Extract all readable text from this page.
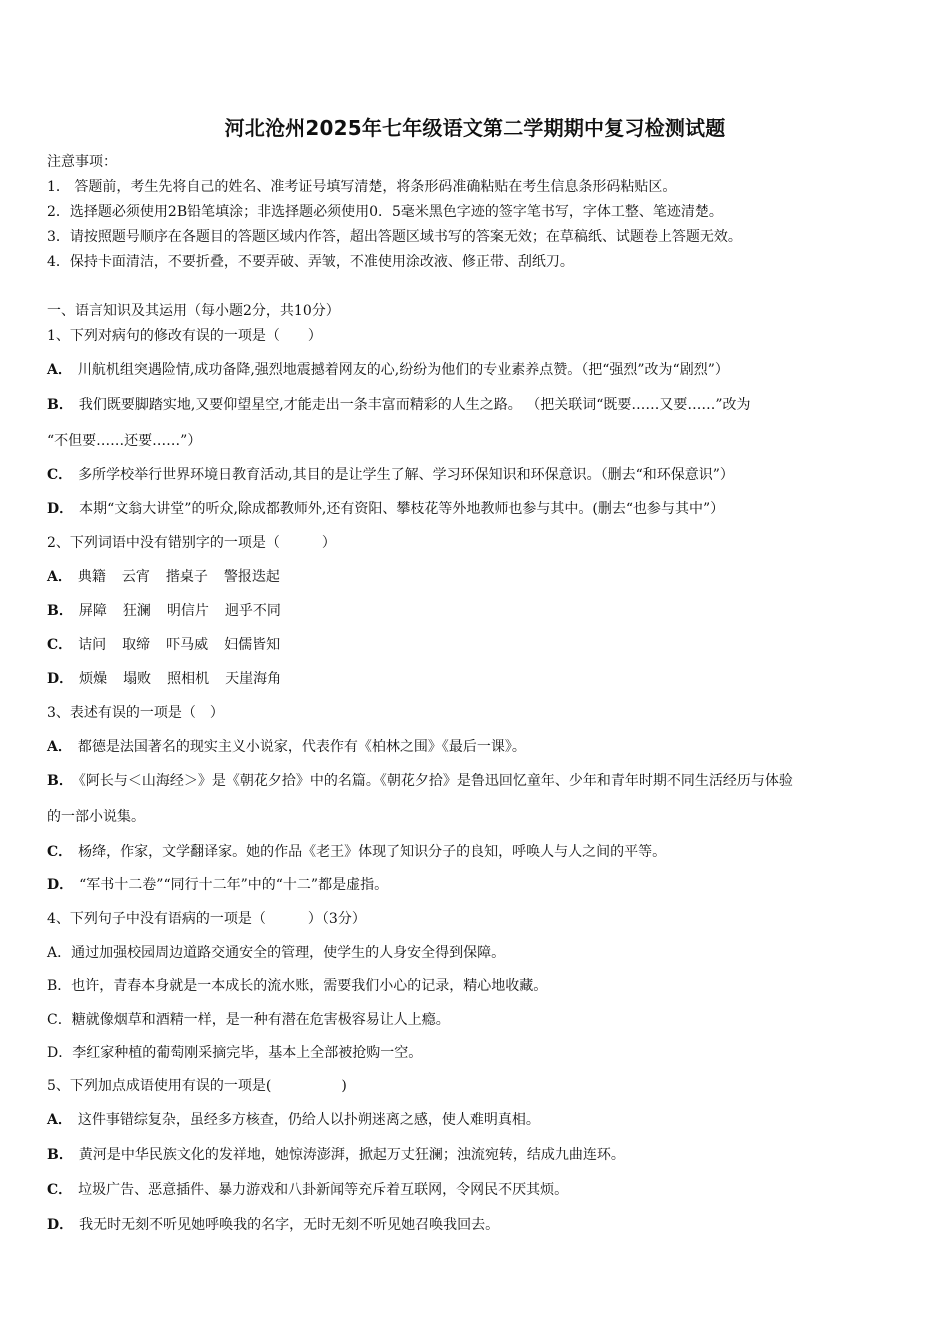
河北沧州2025年七年级语文第二学期期中复习检测试题
注意事项：
1． 答题前，考生先将自己的姓名、准考证号填写清楚，将条形码准确粘贴在考生信息条形码粘贴区。
2．选择题必须使用2B铅笔填涂；非选择题必须使用0．5毫米黑色字迹的签字笔书写，字体工整、笔迹清楚。
3．请按照题号顺序在各题目的答题区域内作答，超出答题区域书写的答案无效；在草稿纸、试题卷上答题无效。
4．保持卡面清洁，不要折叠，不要弄破、弄皱，不准使用涂改液、修正带、刮纸刀。
一、语言知识及其运用（每小题2分，共10分）
1、下列对病句的修改有误的一项是（　　）
A． 川航机组突遇险情,成功备降,强烈地震撼着网友的心,纷纷为他们的专业素养点赞。（把“强烈”改为“剧烈”）
B． 我们既要脚踏实地,又要仰望星空,才能走出一条丰富而精彩的人生之路。 （把关联词“既要……又要……”改为
“不但要……还要……”）
C． 多所学校举行世界环境日教育活动,其目的是让学生了解、学习环保知识和环保意识。（删去“和环保意识”）
D． 本期“文翁大讲堂”的听众,除成都教师外,还有资阳、攀枝花等外地教师也参与其中。(删去“也参与其中”）
2、下列词语中没有错别字的一项是（　　　）
A． 典籍 云宵 揩桌子 警报迭起
B． 屏障 狂澜 明信片 迥乎不同
C． 诘问 取缔 吓马威 妇儒皆知
D． 烦燥 塌败 照相机 天崖海角
3、表述有误的一项是（　）
A． 都德是法国著名的现实主义小说家，代表作有《柏林之围》《最后一课》。
B． 《阿长与＜山海经＞》是《朝花夕拾》中的名篇。《朝花夕拾》是鲁迅回忆童年、少年和青年时期不同生活经历与体验
的一部小说集。
C． 杨绛，作家，文学翻译家。她的作品《老王》体现了知识分子的良知，呼唤人与人之间的平等。
D． “军书十二卷”“同行十二年”中的“十二”都是虚指。
4、下列句子中没有语病的一项是（　　　）（3分）
A．通过加强校园周边道路交通安全的管理，使学生的人身安全得到保障。
B．也许，青春本身就是一本成长的流水账，需要我们小心的记录，精心地收藏。
C．糖就像烟草和酒精一样，是一种有潜在危害极容易让人上瘾。
D．李红家种植的葡萄刚采摘完毕，基本上全部被抢购一空。
5、下列加点成语使用有误的一项是(　　　　　)
A． 这件事错综复杂，虽经多方核查，仍给人以扑朔迷离之感，使人难明真相。
B． 黄河是中华民族文化的发祥地，她惊涛澎湃，掀起万丈狂澜；浊流宛转，结成九曲连环。
C． 垃圾广告、恶意插件、暴力游戏和八卦新闻等充斥着互联网，令网民不厌其烦。
D． 我无时无刻不听见她呼唤我的名字，无时无刻不听见她召唤我回去。
